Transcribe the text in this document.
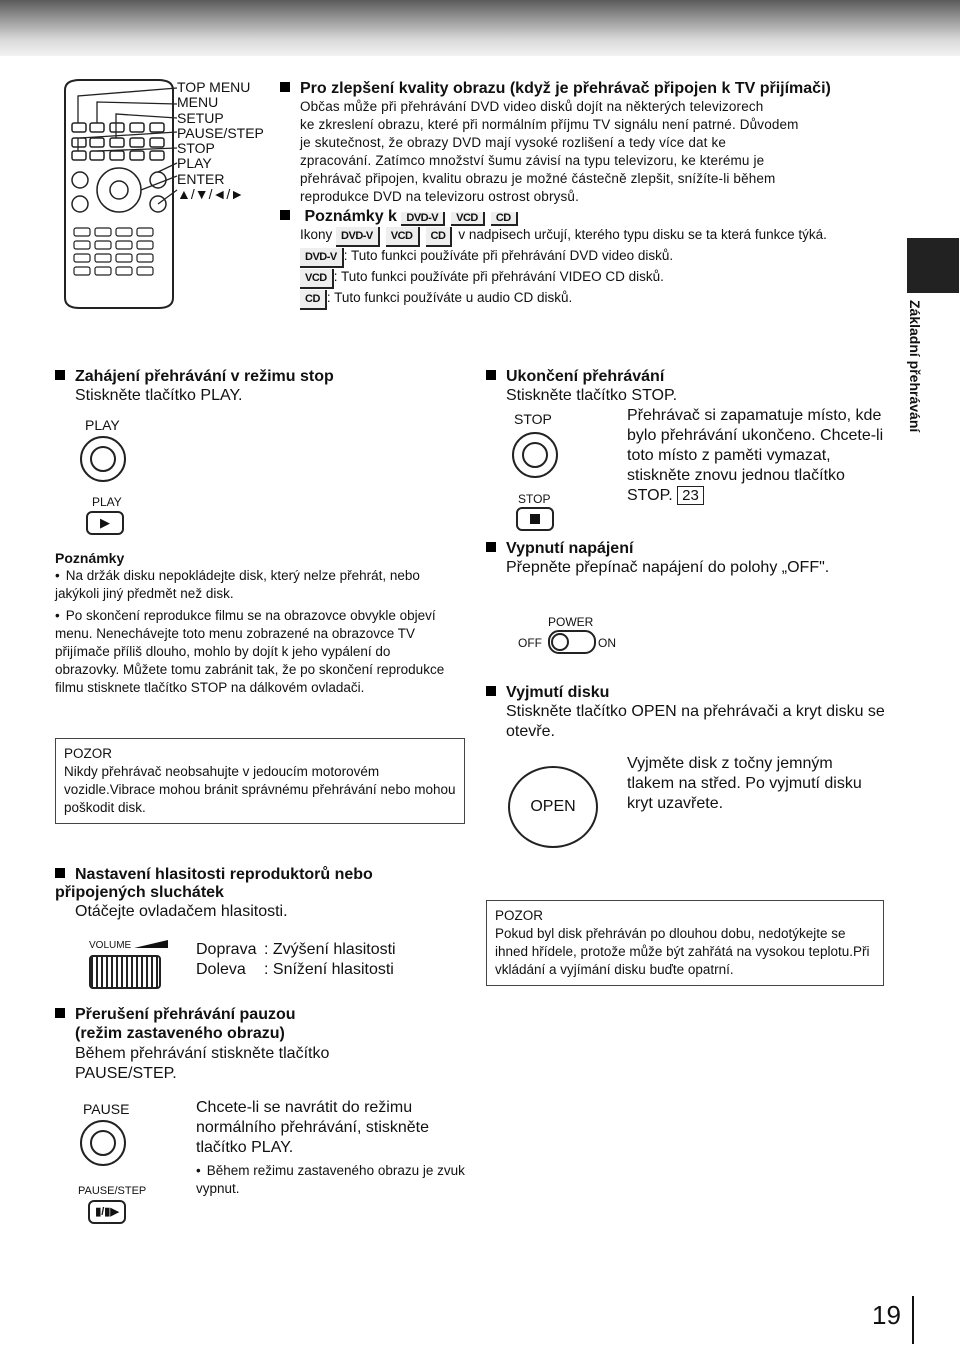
TOP MENU
MENU
SETUP
PAUSE/STEP
STOP
PLAY
ENTER
▲/▼/◄/►
Pro zlepšení kvality obrazu (když je přehrávač připojen k TV přijímači)
Občas může při přehrávání DVD video disků dojít na některých televizorech
ke zkreslení obrazu, které při normálním příjmu TV signálu není patrné. Důvodem
je skutečnost, že obrazy DVD mají vysoké rozlišení a tedy více dat ke
zpracování. Zatímco množství šumu závisí na typu televizoru, ke kterému je
přehrávač připojen, kvalitu obrazu je možné částečně zlepšit, snížíte-li během
reprodukce DVD na televizoru ostrost obrysů.
Poznámky k DVD-V VCD CD
Ikony DVD-V VCD CD v nadpisech určují, kterého typu disku se ta která funkce týká.
DVD-V : Tuto funkci používáte při přehrávání DVD video disků.
VCD : Tuto funkci používáte při přehrávání VIDEO CD disků.
CD : Tuto funkci používáte u audio CD disků.
Základní přehrávání
Zahájení přehrávání v režimu stop
Stiskněte tlačítko PLAY.
PLAY
PLAY
▶
Poznámky
• Na držák disku nepokládejte disk, který nelze přehrát, nebo jakýkoli jiný předmět než disk.
• Po skončení reprodukce filmu se na obrazovce obvykle objeví menu. Nenechávejte toto menu zobrazené na obrazovce TV přijímače příliš dlouho, mohlo by dojít k jeho vypálení do obrazovky. Můžete tomu zabránit tak, že po skončení reprodukce filmu stisknete tlačítko STOP na dálkovém ovladači.
POZOR
Nikdy přehrávač neobsahujte v jedoucím motorovém vozidle.Vibrace mohou bránit správnému přehrávání nebo mohou poškodit disk.
Ukončení přehrávání
Stiskněte tlačítko STOP.
STOP
STOP
Přehrávač si zapamatuje místo, kde bylo přehrávání ukončeno. Chcete-li toto místo z paměti vymazat, stiskněte znovu jednou tlačítko STOP. 23
Vypnutí napájení
Přepněte přepínač napájení do polohy „OFF".
POWER
OFF	ON
Vyjmutí disku
Stiskněte tlačítko OPEN na přehrávači a kryt disku se otevře.
OPEN
Vyjměte disk z točny jemným tlakem na střed. Po vyjmutí disku kryt uzavřete.
Nastavení hlasitosti reproduktorů nebo připojených sluchátek
Otáčejte ovladačem hlasitosti.
VOLUME	Doprava : Zvýšení hlasitosti
Doleva : Snížení hlasitosti
Přerušení přehrávání pauzou
(režim zastaveného obrazu)
Během přehrávání stiskněte tlačítko
PAUSE/STEP.
PAUSE
PAUSE/STEP
▮/▮▶
Chcete-li se navrátit do režimu normálního přehrávání, stiskněte tlačítko PLAY.
• Během režimu zastaveného obrazu je zvuk vypnut.
POZOR
Pokud byl disk přehráván po dlouhou dobu, nedotýkejte se ihned hřídele, protože může být zahřátá na vysokou teplotu.Při vkládání a vyjímání disku buďte opatrní.
19
